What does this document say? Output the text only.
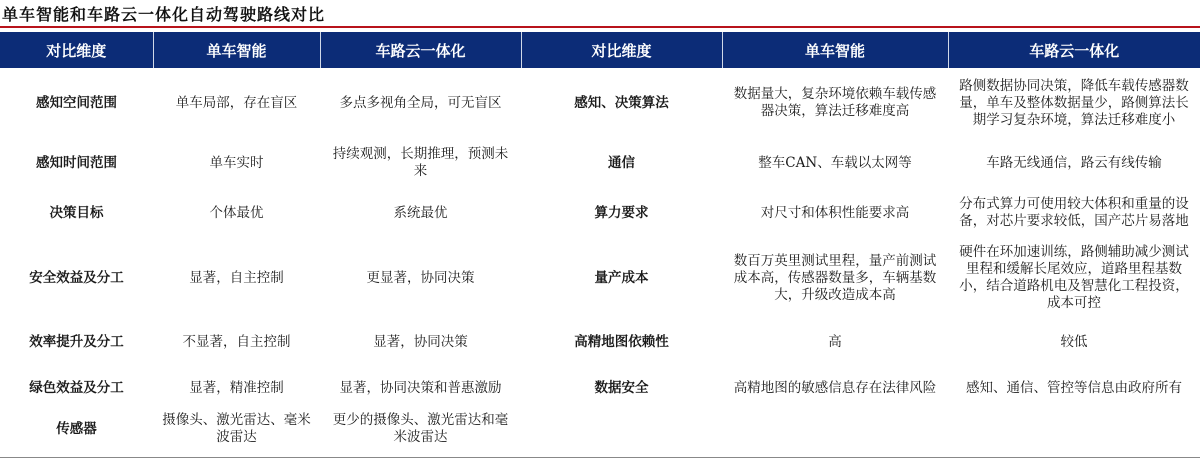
单车智能和车路云一体化自动驾驶路线对比
对比维度	单车智能	车路云一体化	对比维度	单车智能	车路云一体化
感知空间范围	单车局部，存在盲区	多点多视角全局，可无盲区	感知、决策算法	数据量大，复杂环境依赖车载传感器决策，算法迁移难度高	路侧数据协同决策，降低车载传感器数量，单车及整体数据量少，路侧算法长期学习复杂环境，算法迁移难度小
感知时间范围	单车实时	持续观测，长期推理，预测未来	通信	整车CAN、车载以太网等	车路无线通信，路云有线传输
决策目标	个体最优	系统最优	算力要求	对尺寸和体积性能要求高	分布式算力可使用较大体积和重量的设备，对芯片要求较低，国产芯片易落地
安全效益及分工	显著，自主控制	更显著，协同决策	量产成本	数百万英里测试里程，量产前测试成本高，传感器数量多，车辆基数大，升级改造成本高	硬件在环加速训练，路侧辅助减少测试里程和缓解长尾效应，道路里程基数小，结合道路机电及智慧化工程投资，成本可控
效率提升及分工	不显著，自主控制	显著，协同决策	高精地图依赖性	高	较低
绿色效益及分工	显著，精准控制	显著，协同决策和普惠激励	数据安全	高精地图的敏感信息存在法律风险	感知、通信、管控等信息由政府所有
传感器	摄像头、激光雷达、毫米波雷达	更少的摄像头、激光雷达和毫米波雷达			
